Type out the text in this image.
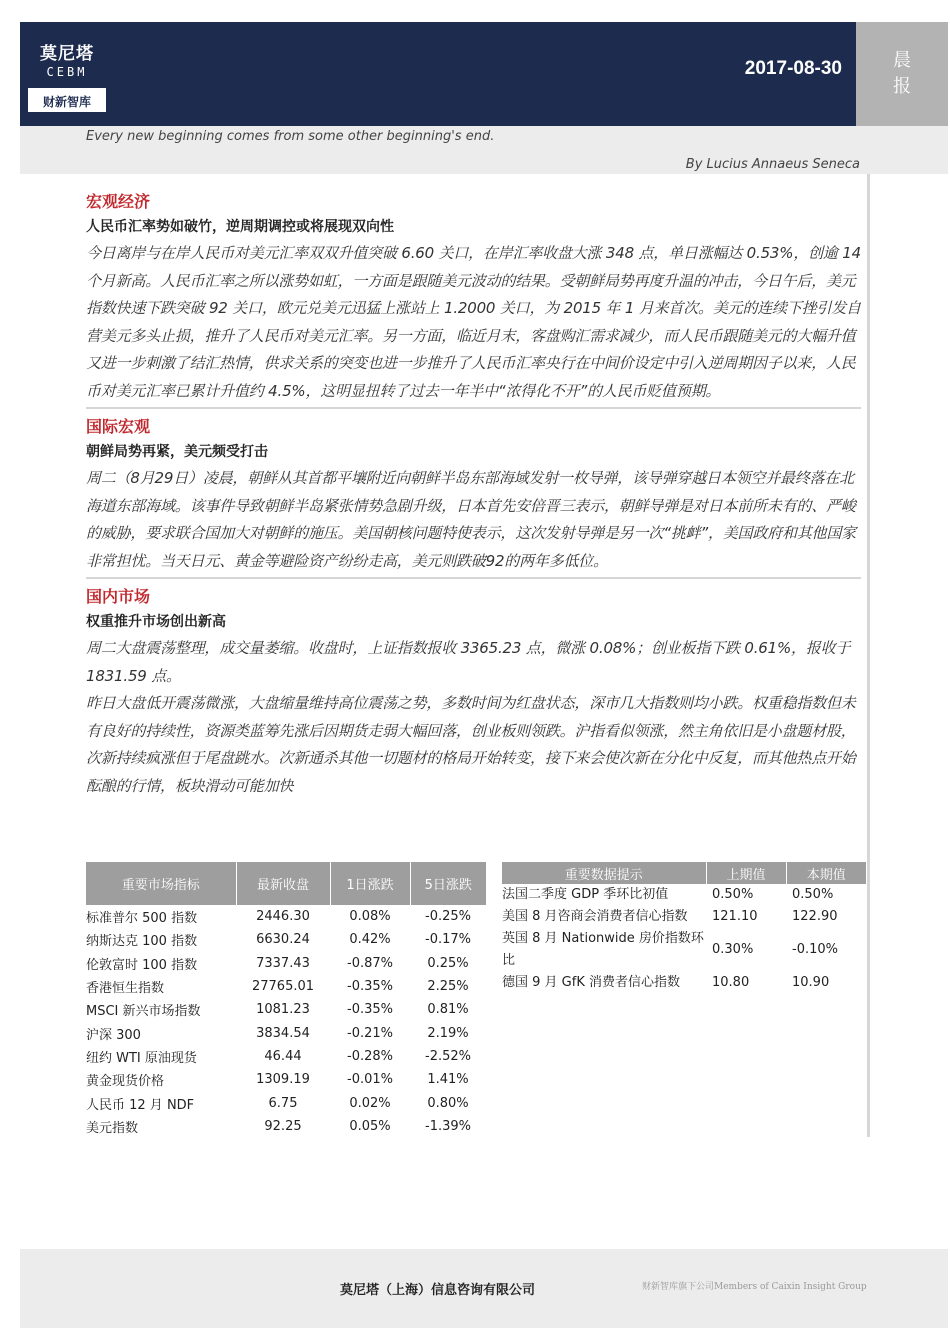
莫尼塔
CEBM
财新智库
2017-08-30	晨
报
Every new beginning comes from some other beginning's end.
By Lucius Annaeus Seneca
宏观经济
人民币汇率势如破竹，逆周期调控或将展现双向性

今日离岸与在岸人民币对美元汇率双双升值突破 6.60 关口，在岸汇率收盘大涨 348 点，单日涨幅达 0.53%，创逾 14 个月新高。人民币汇率之所以涨势如虹，一方面是跟随美元波动的结果。受朝鲜局势再度升温的冲击，今日午后，美元指数快速下跌突破 92 关口，欧元兑美元迅猛上涨站上 1.2000 关口，为 2015 年 1 月来首次。美元的连续下挫引发自营美元多头止损，推升了人民币对美元汇率。另一方面，临近月末，客盘购汇需求减少，而人民币跟随美元的大幅升值又进一步刺激了结汇热情，供求关系的突变也进一步推升了人民币汇率央行在中间价设定中引入逆周期因子以来，人民币对美元汇率已累计升值约 4.5%，这明显扭转了过去一年半中“浓得化不开”的人民币贬值预期。

国际宏观
朝鲜局势再紧，美元频受打击

周二（8月29日）凌晨，朝鲜从其首都平壤附近向朝鲜半岛东部海域发射一枚导弹，该导弹穿越日本领空并最终落在北海道东部海域。该事件导致朝鲜半岛紧张情势急剧升级，日本首先安倍晋三表示，朝鲜导弹是对日本前所未有的、严峻的威胁，要求联合国加大对朝鲜的施压。美国朝核问题特使表示，这次发射导弹是另一次“挑衅”，美国政府和其他国家非常担忧。当天日元、黄金等避险资产纷纷走高，美元则跌破92的两年多低位。

国内市场
权重推升市场创出新高

周二大盘震荡整理，成交量萎缩。收盘时，上证指数报收 3365.23 点，微涨 0.08%；创业板指下跌 0.61%，报收于 1831.59 点。

昨日大盘低开震荡微涨，大盘缩量维持高位震荡之势，多数时间为红盘状态，深市几大指数则均小跌。权重稳指数但未有良好的持续性，资源类蓝筹先涨后因期货走弱大幅回落，创业板则领跌。沪指看似领涨，然主角依旧是小盘题材股，次新持续疯涨但于尾盘跳水。次新通杀其他一切题材的格局开始转变，接下来会使次新在分化中反复，而其他热点开始酝酿的行情，板块滑动可能加快

重要市场指标	最新收盘	1日涨跌	5日涨跌
标准普尔 500 指数	2446.30	0.08%	-0.25%
纳斯达克 100 指数	6630.24	0.42%	-0.17%
伦敦富时 100 指数	7337.43	-0.87%	0.25%
香港恒生指数	27765.01	-0.35%	2.25%
MSCI 新兴市场指数	1081.23	-0.35%	0.81%
沪深 300	3834.54	-0.21%	2.19%
纽约 WTI 原油现货	46.44	-0.28%	-2.52%
黄金现货价格	1309.19	-0.01%	1.41%
人民币 12 月 NDF	6.75	0.02%	0.80%
美元指数	92.25	0.05%	-1.39%
重要数据提示	上期值	本期值
法国二季度 GDP 季环比初值	0.50%	0.50%
美国 8 月咨商会消费者信心指数	121.10	122.90
英国 8 月 Nationwide 房价指数环比	0.30%	-0.10%
德国 9 月 GfK 消费者信心指数	10.80	10.90
莫尼塔（上海）信息咨询有限公司	财新智库旗下公司Members of Caixin Insight Group
